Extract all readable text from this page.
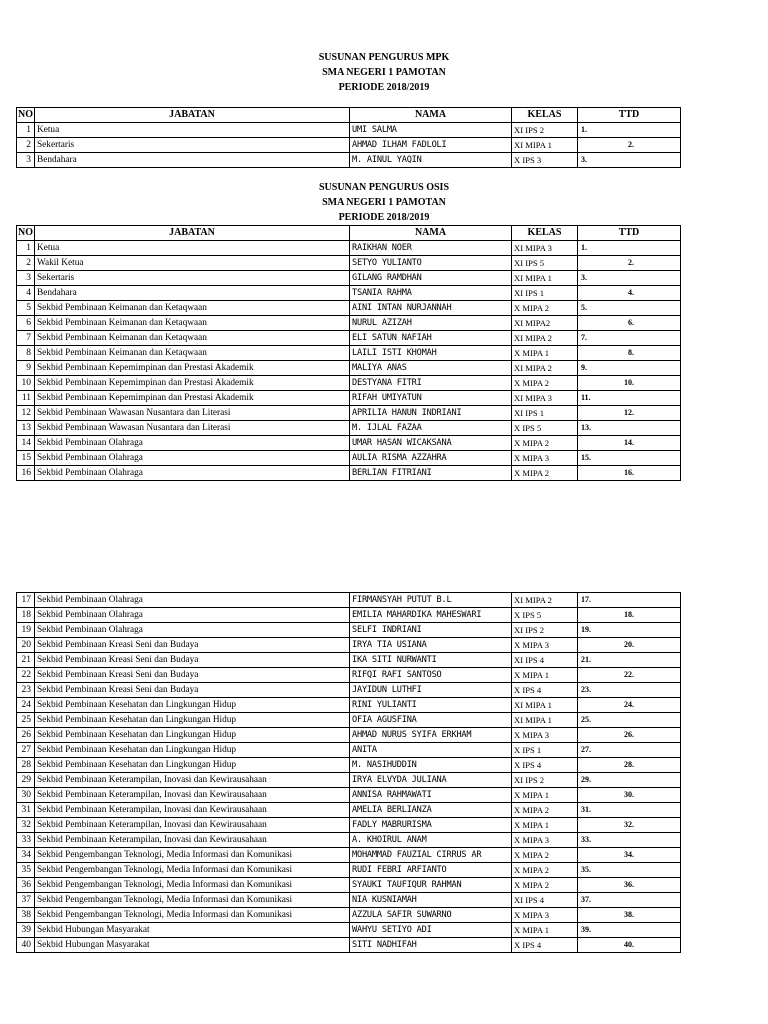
SUSUNAN PENGURUS MPK
SMA NEGERI 1 PAMOTAN
PERIODE 2018/2019
NO	JABATAN	NAMA	KELAS	TTD
1	Ketua	UMI SALMA	XI IPS 2	1.
2	Sekertaris	AHMAD ILHAM FADLOLI	XI MIPA 1	2.
3	Bendahara	M. AINUL YAQIN	X IPS 3	3.
SUSUNAN PENGURUS OSIS
SMA NEGERI 1 PAMOTAN
PERIODE 2018/2019
NO	JABATAN	NAMA	KELAS	TTD
1	Ketua	RAIKHAN NOER	XI MIPA 3	1.
2	Wakil Ketua	SETYO YULIANTO	XI IPS 5	2.
3	Sekertaris	GILANG RAMDHAN	XI MIPA 1	3.
4	Bendahara	TSANIA RAHMA	XI IPS 1	4.
5	Sekbid Pembinaan Keimanan dan Ketaqwaan	AINI INTAN NURJANNAH	X MIPA 2	5.
6	Sekbid Pembinaan Keimanan dan Ketaqwaan	NURUL AZIZAH	XI MIPA2	6.
7	Sekbid Pembinaan Keimanan dan Ketaqwaan	ELI SATUN NAFIAH	XI MIPA 2	7.
8	Sekbid Pembinaan Keimanan dan Ketaqwaan	LAILI ISTI KHOMAH	X MIPA 1	8.
9	Sekbid Pembinaan Kepemimpinan dan Prestasi Akademik	MALIYA ANAS	XI MIPA 2	9.
10	Sekbid Pembinaan Kepemimpinan dan Prestasi Akademik	DESTYANA FITRI	X MIPA 2	10.
11	Sekbid Pembinaan Kepemimpinan dan Prestasi Akademik	RIFAH UMIYATUN	XI MIPA 3	11.
12	Sekbid Pembinaan Wawasan Nusantara dan Literasi	APRILIA HANUN INDRIANI	XI IPS 1	12.
13	Sekbid Pembinaan Wawasan Nusantara dan Literasi	M. IJLAL FAZAA	X IPS 5	13.
14	Sekbid Pembinaan Olahraga	UMAR HASAN WICAKSANA	X MIPA 2	14.
15	Sekbid Pembinaan Olahraga	AULIA RISMA AZZAHRA	X MIPA 3	15.
16	Sekbid Pembinaan Olahraga	BERLIAN FITRIANI	X MIPA 2	16.
17	Sekbid Pembinaan Olahraga	FIRMANSYAH PUTUT B.L	XI MIPA 2	17.
18	Sekbid Pembinaan Olahraga	EMILIA MAHARDIKA MAHESWARI	X IPS 5	18.
19	Sekbid Pembinaan Olahraga	SELFI INDRIANI	XI IPS 2	19.
20	Sekbid Pembinaan Kreasi Seni dan Budaya	IRYA TIA USIANA	X MIPA 3	20.
21	Sekbid Pembinaan Kreasi Seni dan Budaya	IKA SITI NURWANTI	XI IPS 4	21.
22	Sekbid Pembinaan Kreasi Seni dan Budaya	RIFQI RAFI SANTOSO	X MIPA 1	22.
23	Sekbid Pembinaan Kreasi Seni dan Budaya	JAYIDUN LUTHFI	X IPS 4	23.
24	Sekbid Pembinaan Kesehatan dan Lingkungan Hidup	RINI YULIANTI	XI MIPA 1	24.
25	Sekbid Pembinaan Kesehatan dan Lingkungan Hidup	OFIA AGUSFINA	XI MIPA 1	25.
26	Sekbid Pembinaan Kesehatan dan Lingkungan Hidup	AHMAD NURUS SYIFA ERKHAM	X MIPA 3	26.
27	Sekbid Pembinaan Kesehatan dan Lingkungan Hidup	ANITA	X IPS 1	27.
28	Sekbid Pembinaan Kesehatan dan Lingkungan Hidup	M. NASIHUDDIN	X IPS 4	28.
29	Sekbid Pembinaan Keterampilan, Inovasi dan Kewirausahaan	IRYA ELVYDA JULIANA	XI IPS 2	29.
30	Sekbid Pembinaan Keterampilan, Inovasi dan Kewirausahaan	ANNISA RAHMAWATI	X MIPA 1	30.
31	Sekbid Pembinaan Keterampilan, Inovasi dan Kewirausahaan	AMELIA BERLIANZA	X MIPA 2	31.
32	Sekbid Pembinaan Keterampilan, Inovasi dan Kewirausahaan	FADLY MABRURISMA	X MIPA 1	32.
33	Sekbid Pembinaan Keterampilan, Inovasi dan Kewirausahaan	A. KHOIRUL ANAM	X MIPA 3	33.
34	Sekbid Pengembangan Teknologi, Media Informasi dan Komunikasi	MOHAMMAD FAUZIAL CIRRUS AR	X MIPA 2	34.
35	Sekbid Pengembangan Teknologi, Media Informasi dan Komunikasi	RUDI FEBRI ARFIANTO	X MIPA 2	35.
36	Sekbid Pengembangan Teknologi, Media Informasi dan Komunikasi	SYAUKI TAUFIQUR RAHMAN	X MIPA 2	36.
37	Sekbid Pengembangan Teknologi, Media Informasi dan Komunikasi	NIA KUSNIAMAH	XI IPS 4	37.
38	Sekbid Pengembangan Teknologi, Media Informasi dan Komunikasi	AZZULA SAFIR SUWARNO	X MIPA 3	38.
39	Sekbid Hubungan Masyarakat	WAHYU SETIYO ADI	X MIPA 1	39.
40	Sekbid Hubungan Masyarakat	SITI NADHIFAH	X IPS 4	40.
